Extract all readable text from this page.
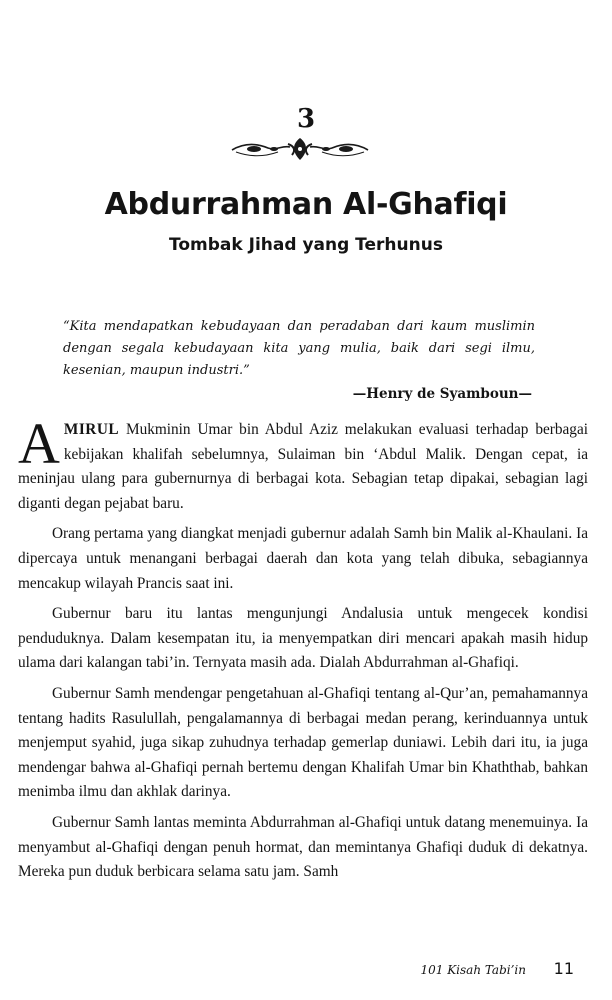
3
Abdurrahman Al-Ghafiqi
Tombak Jihad yang Terhunus
“Kita mendapatkan kebudayaan dan peradaban dari kaum muslimin dengan segala kebudayaan kita yang mulia, baik dari segi ilmu, kesenian, maupun industri.”
—Henry de Syamboun—

AMIRUL Mukminin Umar bin Abdul Aziz melakukan evaluasi terhadap berbagai kebijakan khalifah sebelumnya, Sulaiman bin ‘Abdul Malik. Dengan cepat, ia meninjau ulang para gubernurnya di berbagai kota. Sebagian tetap dipakai, sebagian lagi diganti degan pejabat baru.

Orang pertama yang diangkat menjadi gubernur adalah Samh bin Malik al-Khaulani. Ia dipercaya untuk menangani berbagai daerah dan kota yang telah dibuka, sebagiannya mencakup wilayah Prancis saat ini.

Gubernur baru itu lantas mengunjungi Andalusia untuk mengecek kondisi penduduknya. Dalam kesempatan itu, ia menyempatkan diri mencari apakah masih hidup ulama dari kalangan tabi’in. Ternyata masih ada. Dialah Abdurrahman al-Ghafiqi.

Gubernur Samh mendengar pengetahuan al-Ghafiqi tentang al-Qur’an, pemahamannya tentang hadits Rasulullah, pengalamannya di berbagai medan perang, kerinduannya untuk menjemput syahid, juga sikap zuhudnya terhadap gemerlap duniawi. Lebih dari itu, ia juga mendengar bahwa al-Ghafiqi pernah bertemu dengan Khalifah Umar bin Khaththab, bahkan menimba ilmu dan akhlak darinya.

Gubernur Samh lantas meminta Abdurrahman al-Ghafiqi untuk datang menemuinya. Ia menyambut al-Ghafiqi dengan penuh hormat, dan memintanya Ghafiqi duduk di dekatnya. Mereka pun duduk berbicara selama satu jam. Samh

101 Kisah Tabi’in 11
